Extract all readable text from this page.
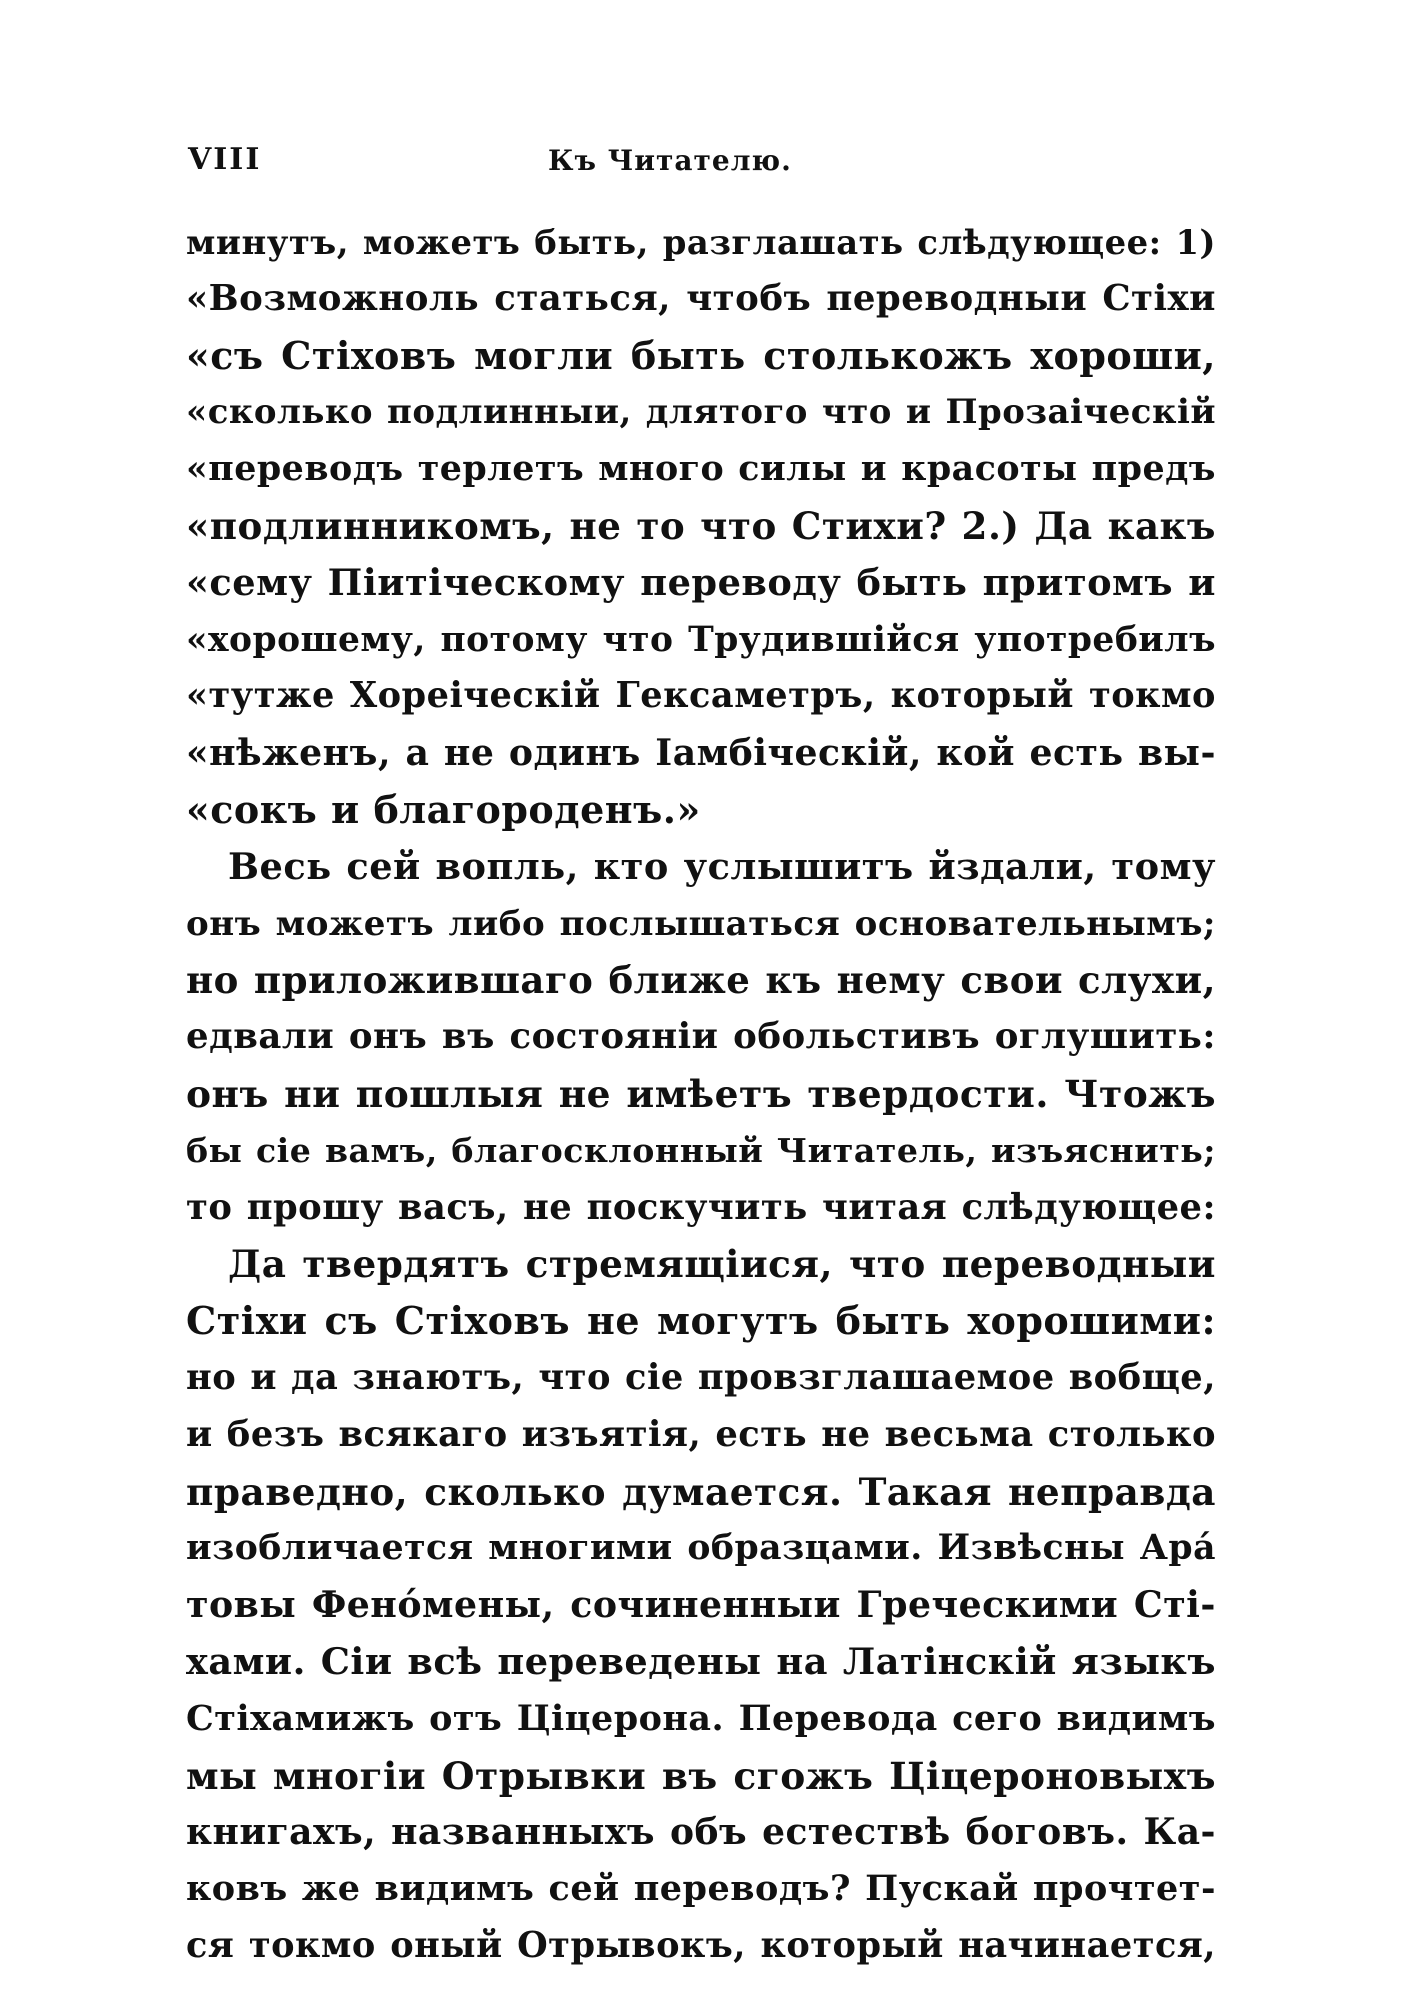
VIII	Къ Читателю.
минутъ, можетъ быть, разглашать слѣдующее: 1)
«Возможноль статься, чтобъ переводныи Стіхи
«съ Стіховъ могли быть столькожъ хороши,
«сколько подлинныи, длятого что и Прозаіческій
«переводъ терлетъ много силы и красоты предъ
«подлинникомъ, не то что Стихи? 2.) Да какъ
«сему Піитіческому переводу быть притомъ и
«хорошему, потому что Трудившійся употребилъ
«тутже Хореіческій Гексаметръ, который токмо
«нѣженъ, а не одинъ Іамбіческій, кой есть вы-
«сокъ и благороденъ.»
Весь сей вопль, кто услышитъ йздали, тому
онъ можетъ либо послышаться основательнымъ;
но приложившаго ближе къ нему свои слухи,
едвали онъ въ состояніи обольстивъ оглушить:
онъ ни пошлыя не имѣетъ твердости. Чтожъ
бы сіе вамъ, благосклонный Читатель, изъяснить;
то прошу васъ, не поскучить читая слѣдующее:
Да твердятъ стремящіися, что переводныи
Стіхи съ Стіховъ не могутъ быть хорошими:
но и да знаютъ, что сіе провзглашаемое вобще,
и безъ всякаго изъятія, есть не весьма столько
праведно, сколько думается. Такая неправда
изобличается многими образцами. Извѣсны Ара́
товы Фено́мены, сочиненныи Греческими Сті-
хами. Сіи всѣ переведены на Латінскій языкъ
Стіхамижъ отъ Ціцерона. Перевода сего видимъ
мы многіи Отрывки въ сгожъ Ціцероновыхъ
книгахъ, названныхъ объ естествѣ боговъ. Ка-
ковъ же видимъ сей переводъ? Пускай прочтет-
ся токмо оный Отрывокъ, который начинается,
